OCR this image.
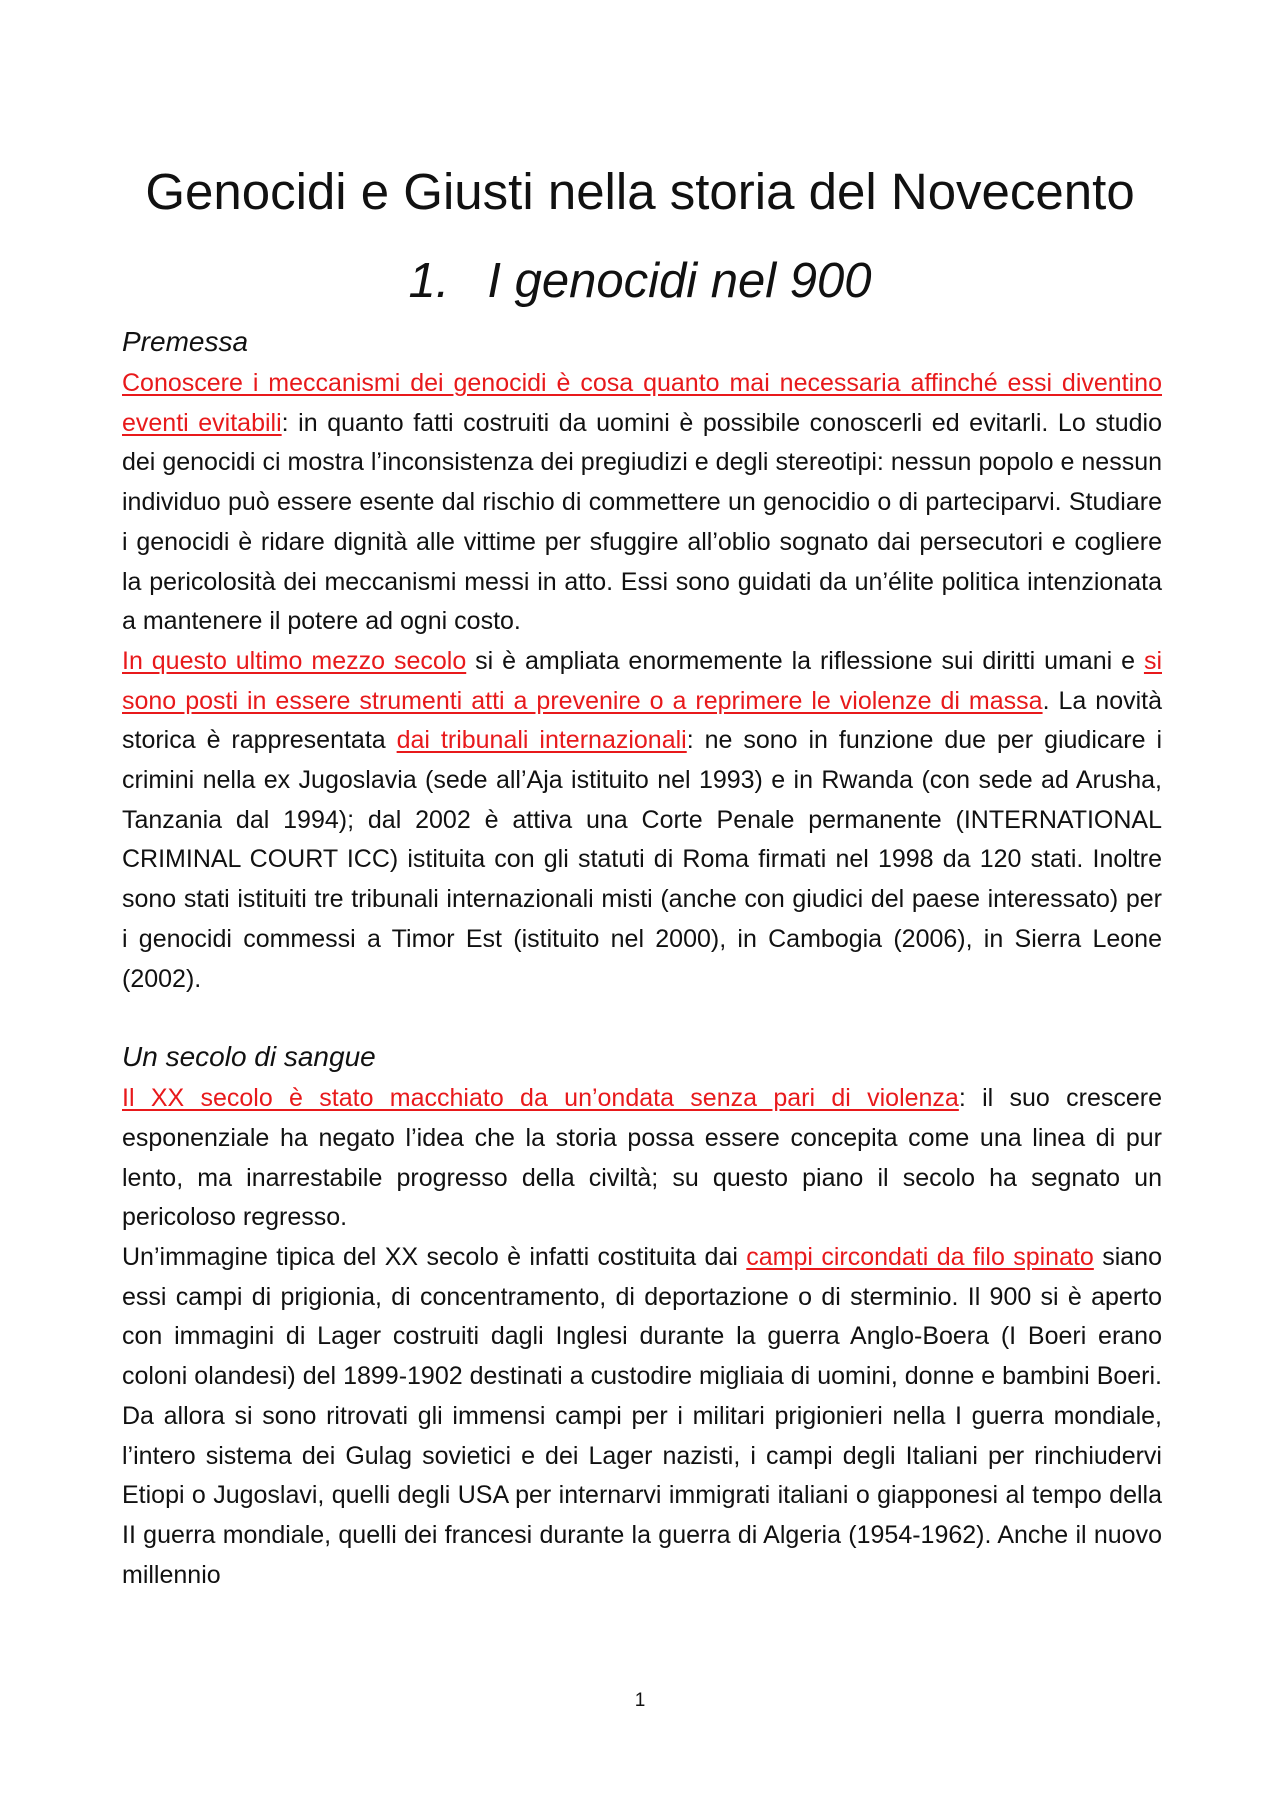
Genocidi e Giusti nella storia del Novecento
1. I genocidi nel 900
Premessa

Conoscere i meccanismi dei genocidi è cosa quanto mai necessaria affinché essi diventino eventi evitabili: in quanto fatti costruiti da uomini è possibile conoscerli ed evitarli. Lo studio dei genocidi ci mostra l’inconsistenza dei pregiudizi e degli stereotipi: nessun popolo e nessun individuo può essere esente dal rischio di commettere un genocidio o di parteciparvi. Studiare i genocidi è ridare dignità alle vittime per sfuggire all’oblio sognato dai persecutori e cogliere la pericolosità dei meccanismi messi in atto. Essi sono guidati da un’élite politica intenzionata a mantenere il potere ad ogni costo.

In questo ultimo mezzo secolo si è ampliata enormemente la riflessione sui diritti umani e si sono posti in essere strumenti atti a prevenire o a reprimere le violenze di massa. La novità storica è rappresentata dai tribunali internazionali: ne sono in funzione due per giudicare i crimini nella ex Jugoslavia (sede all’Aja istituito nel 1993) e in Rwanda (con sede ad Arusha, Tanzania dal 1994); dal 2002 è attiva una Corte Penale permanente (INTERNATIONAL CRIMINAL COURT ICC) istituita con gli statuti di Roma firmati nel 1998 da 120 stati. Inoltre sono stati istituiti tre tribunali internazionali misti (anche con giudici del paese interessato) per i genocidi commessi a Timor Est (istituito nel 2000), in Cambogia (2006), in Sierra Leone (2002).

Un secolo di sangue

Il XX secolo è stato macchiato da un’ondata senza pari di violenza: il suo crescere esponenziale ha negato l’idea che la storia possa essere concepita come una linea di pur lento, ma inarrestabile progresso della civiltà; su questo piano il secolo ha segnato un pericoloso regresso.

Un’immagine tipica del XX secolo è infatti costituita dai campi circondati da filo spinato siano essi campi di prigionia, di concentramento, di deportazione o di sterminio. Il 900 si è aperto con immagini di Lager costruiti dagli Inglesi durante la guerra Anglo-Boera (I Boeri erano coloni olandesi) del 1899-1902 destinati a custodire migliaia di uomini, donne e bambini Boeri. Da allora si sono ritrovati gli immensi campi per i militari prigionieri nella I guerra mondiale, l’intero sistema dei Gulag sovietici e dei Lager nazisti, i campi degli Italiani per rinchiudervi Etiopi o Jugoslavi, quelli degli USA per internarvi immigrati italiani o giapponesi al tempo della II guerra mondiale, quelli dei francesi durante la guerra di Algeria (1954-1962). Anche il nuovo millennio

1
